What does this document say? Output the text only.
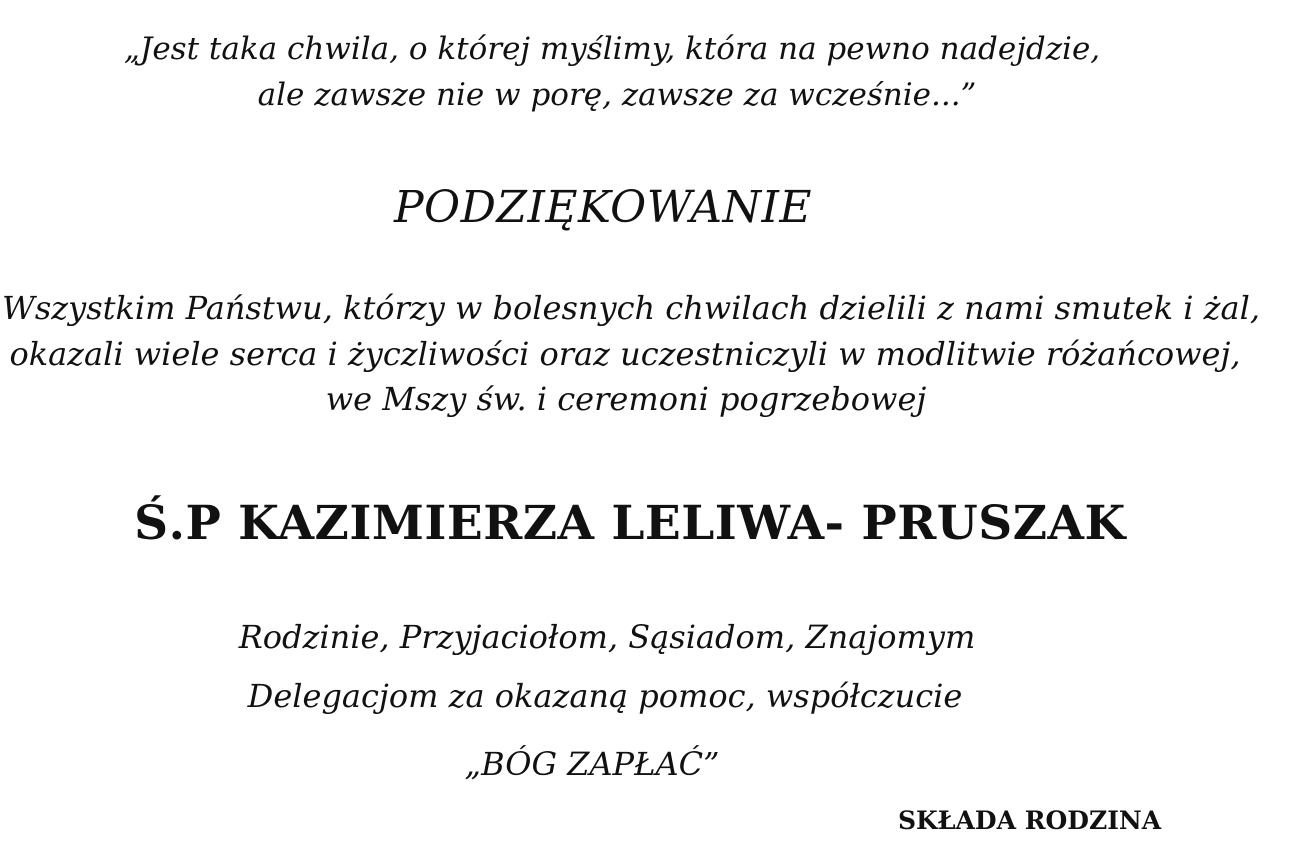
„Jest taka chwila, o której myślimy, która na pewno nadejdzie,
ale zawsze nie w porę, zawsze za wcześnie...”
PODZIĘKOWANIE
Wszystkim Państwu, którzy w bolesnych chwilach dzielili z nami smutek i żal,
okazali wiele serca i życzliwości oraz uczestniczyli w modlitwie różańcowej,
we Mszy św. i ceremoni pogrzebowej
Ś.P KAZIMIERZA LELIWA- PRUSZAK
Rodzinie, Przyjaciołom, Sąsiadom, Znajomym
Delegacjom za okazaną pomoc, współczucie
„BÓG ZAPŁAĆ”
SKŁADA RODZINA
